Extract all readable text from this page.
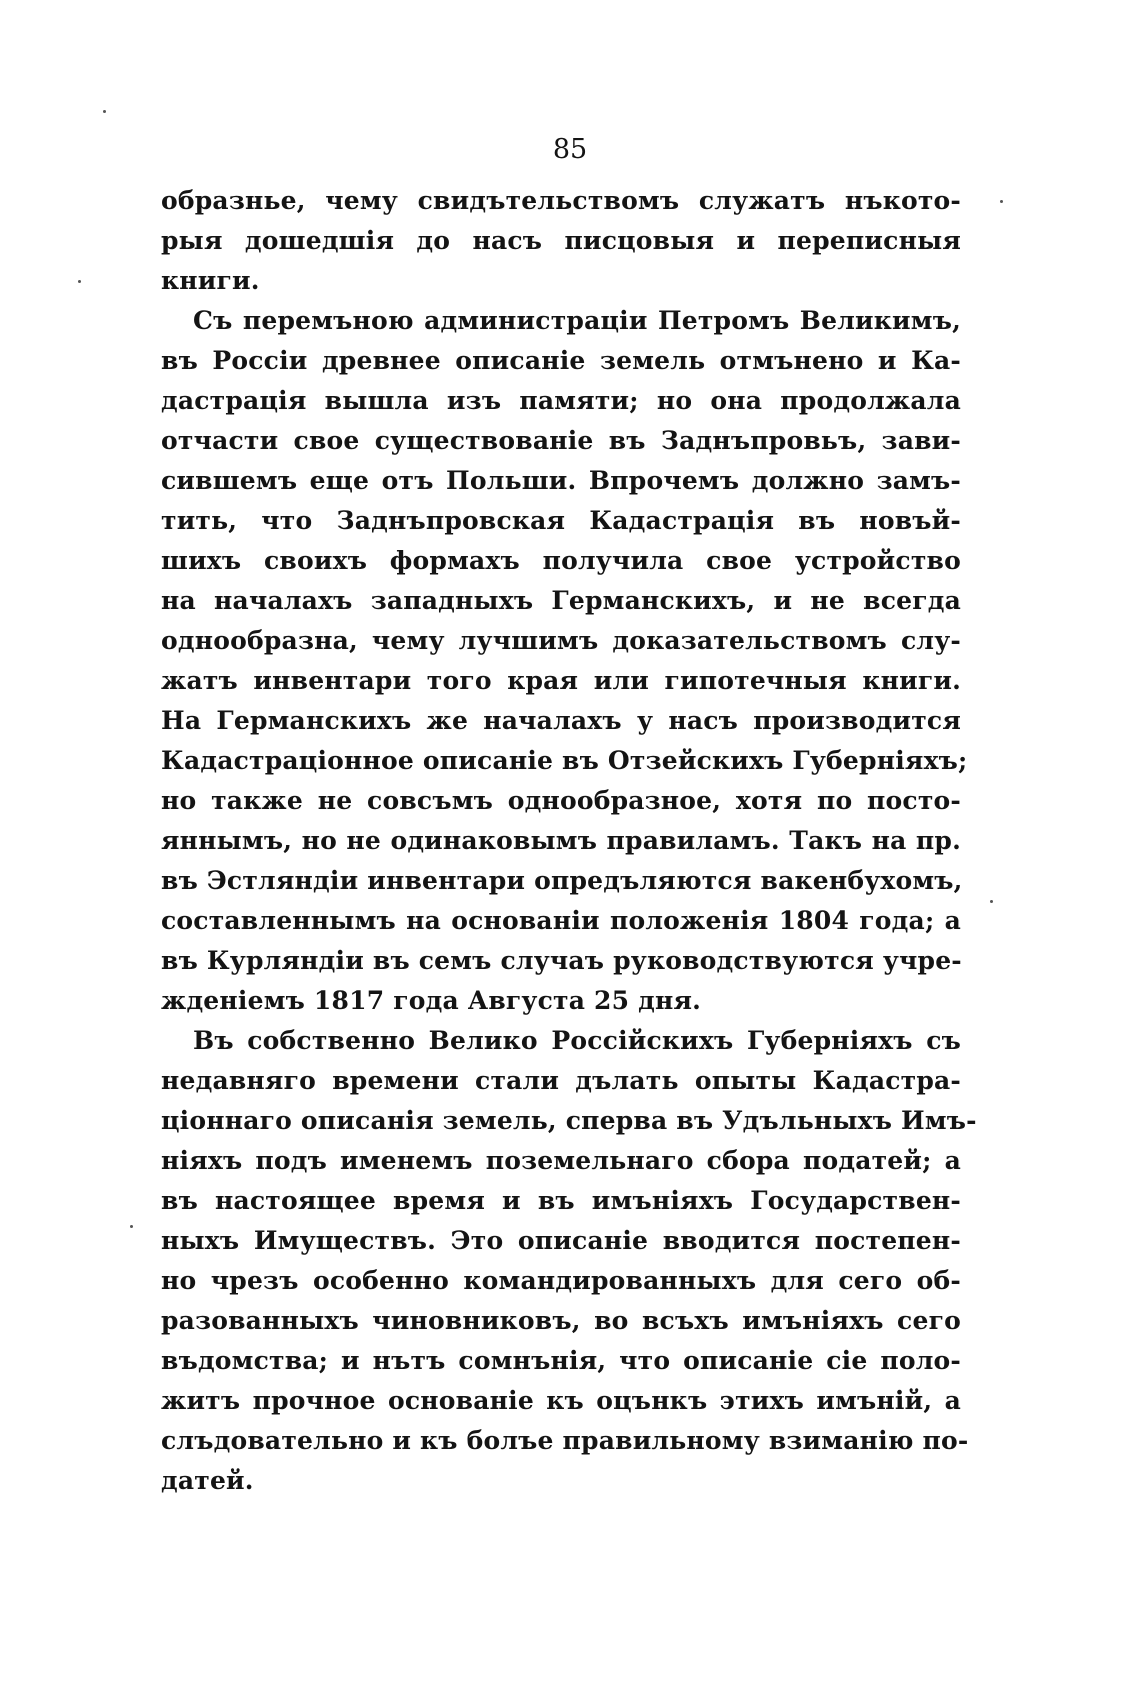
85
образнье, чему свидътельствомъ служатъ нъкото-
рыя дошедшія до насъ писцовыя и переписныя
книги.
Съ перемъною администраціи Петромъ Великимъ,
въ Россіи древнее описаніе земель отмънено и Ка-
дастрація вышла изъ памяти; но она продолжала
отчасти свое существованіе въ Заднъпровьъ, зави-
сившемъ еще отъ Польши. Впрочемъ должно замъ-
тить, что Заднъпровская Кадастрація въ новъй-
шихъ своихъ формахъ получила свое устройство
на началахъ западныхъ Германскихъ, и не всегда
однообразна, чему лучшимъ доказательствомъ слу-
жатъ инвентари того края или гипотечныя книги.
На Германскихъ же началахъ у насъ производится
Кадастраціонное описаніе въ Отзейскихъ Губерніяхъ;
но также не совсъмъ однообразное, хотя по посто-
яннымъ, но не одинаковымъ правиламъ. Такъ на пр.
въ Эстляндіи инвентари опредъляются вакенбухомъ,
составленнымъ на основаніи положенія 1804 года; а
въ Курляндіи въ семъ случаъ руководствуются учре-
жденіемъ 1817 года Августа 25 дня.
Въ собственно Велико Россійскихъ Губерніяхъ съ
недавняго времени стали дълать опыты Кадастра-
ціоннаго описанія земель, сперва въ Удъльныхъ Имъ-
ніяхъ подъ именемъ поземельнаго сбора податей; а
въ настоящее время и въ имъніяхъ Государствен-
ныхъ Имуществъ. Это описаніе вводится постепен-
но чрезъ особенно командированныхъ для сего об-
разованныхъ чиновниковъ, во всъхъ имъніяхъ сего
въдомства; и нътъ сомнънія, что описаніе сіе поло-
житъ прочное основаніе къ оцънкъ этихъ имъній, а
слъдовательно и къ болъе правильному взиманію по-
датей.
